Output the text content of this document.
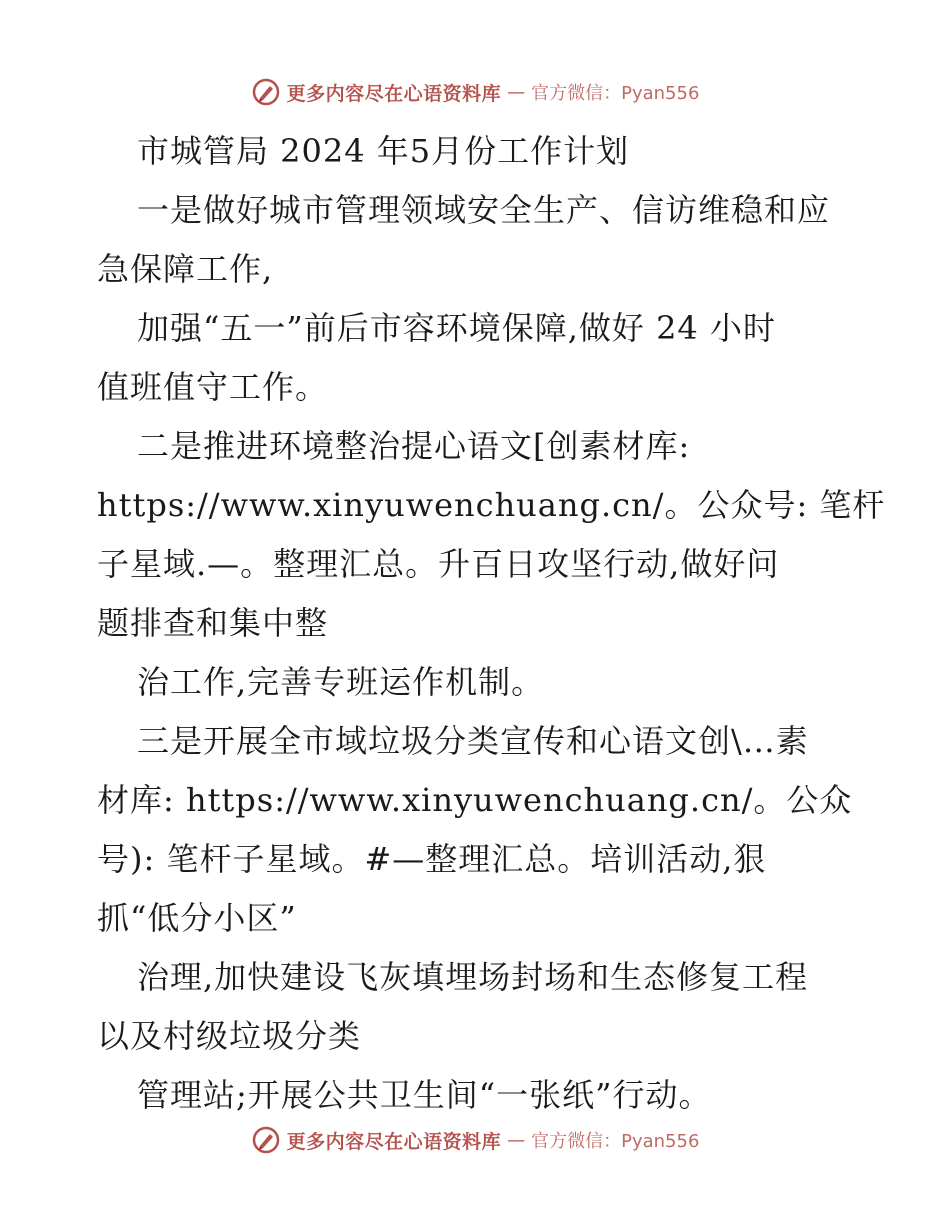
更多内容尽在心语资料库 — 官方微信：Pyan556
市城管局 2024 年5月份工作计划
一是做好城市管理领域安全生产、信访维稳和应
急保障工作,
加强“五一”前后市容环境保障,做好 24 小时
值班值守工作。
二是推进环境整治提心语文[创素材库:
https://www.xinyuwenchuang.cn/。公众号: 笔杆
子星域.—。整理汇总。升百日攻坚行动,做好问
题排查和集中整
治工作,完善专班运作机制。
三是开展全市域垃圾分类宣传和心语文创\…素
材库: https://www.xinyuwenchuang.cn/。公众
号): 笔杆子星域。#—整理汇总。培训活动,狠
抓“低分小区”
治理,加快建设飞灰填埋场封场和生态修复工程
以及村级垃圾分类
管理站;开展公共卫生间“一张纸”行动。
更多内容尽在心语资料库 — 官方微信：Pyan556
